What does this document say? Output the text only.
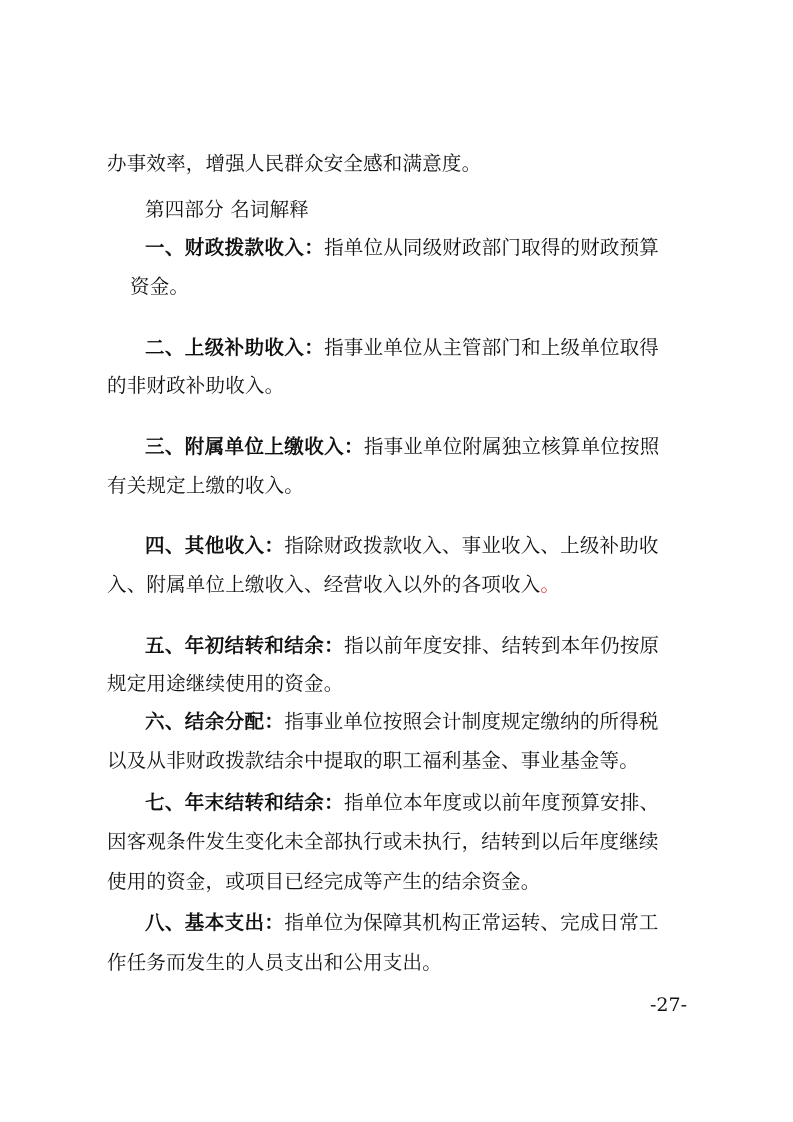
办事效率，增强人民群众安全感和满意度。
第四部分 名词解释
一、财政拨款收入：指单位从同级财政部门取得的财政预算
资金。
二、上级补助收入：指事业单位从主管部门和上级单位取得
的非财政补助收入。
三、附属单位上缴收入：指事业单位附属独立核算单位按照
有关规定上缴的收入。
四、其他收入：指除财政拨款收入、事业收入、上级补助收
入、附属单位上缴收入、经营收入以外的各项收入。
五、年初结转和结余：指以前年度安排、结转到本年仍按原
规定用途继续使用的资金。
六、结余分配：指事业单位按照会计制度规定缴纳的所得税
以及从非财政拨款结余中提取的职工福利基金、事业基金等。
七、年末结转和结余：指单位本年度或以前年度预算安排、
因客观条件发生变化未全部执行或未执行，结转到以后年度继续
使用的资金，或项目已经完成等产生的结余资金。
八、基本支出：指单位为保障其机构正常运转、完成日常工
作任务而发生的人员支出和公用支出。
-27-
